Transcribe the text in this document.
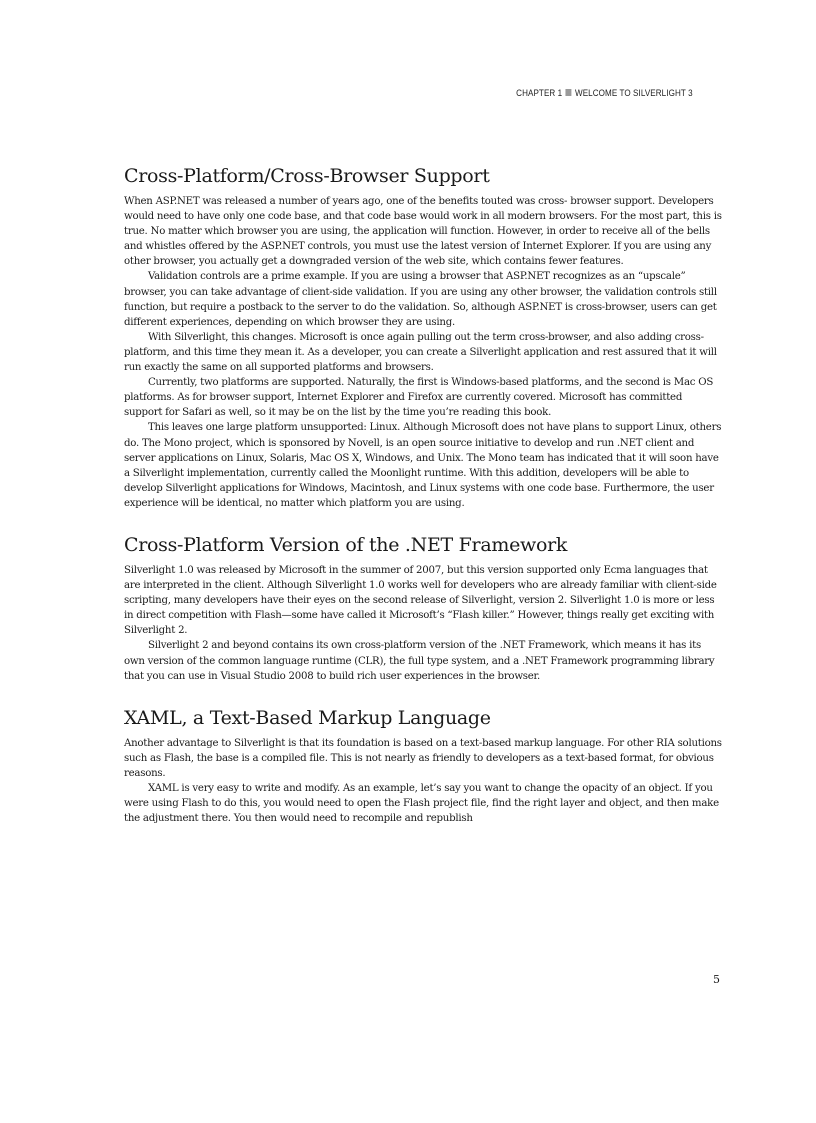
CHAPTER 1 WELCOME TO SILVERLIGHT 3
Cross-Platform/Cross-Browser Support

When ASP.NET was released a number of years ago, one of the benefits touted was cross- browser support. Developers would need to have only one code base, and that code base would work in all modern browsers. For the most part, this is true. No matter which browser you are using, the application will function. However, in order to receive all of the bells and whistles offered by the ASP.NET controls, you must use the latest version of Internet Explorer. If you are using any other browser, you actually get a downgraded version of the web site, which contains fewer features.

Validation controls are a prime example. If you are using a browser that ASP.NET recognizes as an “upscale” browser, you can take advantage of client-side validation. If you are using any other browser, the validation controls still function, but require a postback to the server to do the validation. So, although ASP.NET is cross-browser, users can get different experiences, depending on which browser they are using.

With Silverlight, this changes. Microsoft is once again pulling out the term cross-browser, and also adding cross-platform, and this time they mean it. As a developer, you can create a Silverlight application and rest assured that it will run exactly the same on all supported platforms and browsers.

Currently, two platforms are supported. Naturally, the first is Windows-based platforms, and the second is Mac OS platforms. As for browser support, Internet Explorer and Firefox are currently covered. Microsoft has committed support for Safari as well, so it may be on the list by the time you’re reading this book.

This leaves one large platform unsupported: Linux. Although Microsoft does not have plans to support Linux, others do. The Mono project, which is sponsored by Novell, is an open source initiative to develop and run .NET client and server applications on Linux, Solaris, Mac OS X, Windows, and Unix. The Mono team has indicated that it will soon have a Silverlight implementation, currently called the Moonlight runtime. With this addition, developers will be able to develop Silverlight applications for Windows, Macintosh, and Linux systems with one code base. Furthermore, the user experience will be identical, no matter which platform you are using.

Cross-Platform Version of the .NET Framework

Silverlight 1.0 was released by Microsoft in the summer of 2007, but this version supported only Ecma languages that are interpreted in the client. Although Silverlight 1.0 works well for developers who are already familiar with client-side scripting, many developers have their eyes on the second release of Silverlight, version 2. Silverlight 1.0 is more or less in direct competition with Flash—some have called it Microsoft’s “Flash killer.” However, things really get exciting with Silverlight 2.

Silverlight 2 and beyond contains its own cross-platform version of the .NET Framework, which means it has its own version of the common language runtime (CLR), the full type system, and a .NET Framework programming library that you can use in Visual Studio 2008 to build rich user experiences in the browser.

XAML, a Text-Based Markup Language

Another advantage to Silverlight is that its foundation is based on a text-based markup language. For other RIA solutions such as Flash, the base is a compiled file. This is not nearly as friendly to developers as a text-based format, for obvious reasons.

XAML is very easy to write and modify. As an example, let’s say you want to change the opacity of an object. If you were using Flash to do this, you would need to open the Flash project file, find the right layer and object, and then make the adjustment there. You then would need to recompile and republish

5
